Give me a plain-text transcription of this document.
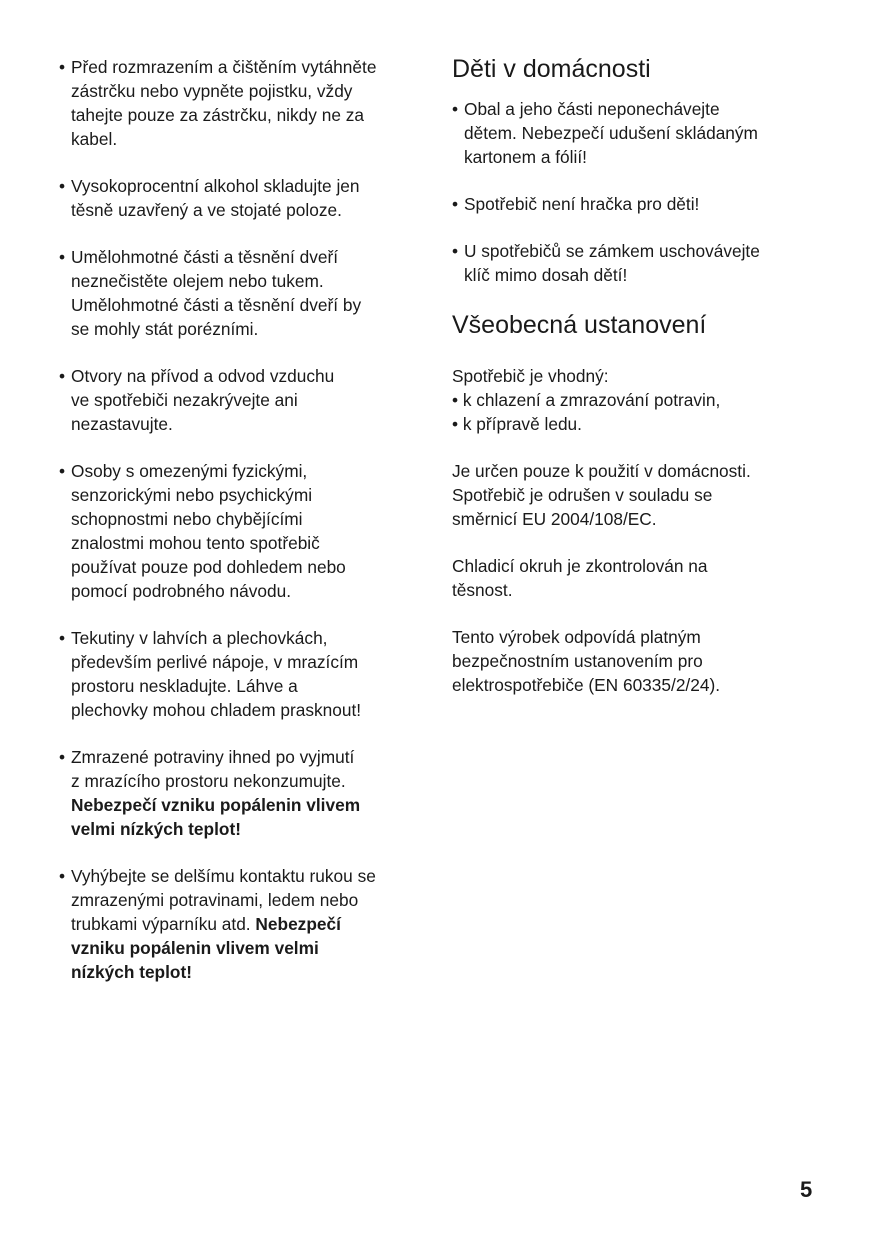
• Před rozmrazením a čištěním vytáhněte
zástrčku nebo vypněte pojistku, vždy
tahejte pouze za zástrčku, nikdy ne za
kabel.
• Vysokoprocentní alkohol skladujte jen
těsně uzavřený a ve stojaté poloze.
• Umělohmotné části a těsnění dveří
neznečistěte olejem nebo tukem.
Umělohmotné části a těsnění dveří by
se mohly stát porézními.
• Otvory na přívod a odvod vzduchu
ve spotřebiči nezakrývejte ani
nezastavujte.
• Osoby s omezenými fyzickými,
senzorickými nebo psychickými
schopnostmi nebo chybějícími
znalostmi mohou tento spotřebič
používat pouze pod dohledem nebo
pomocí podrobného návodu.
• Tekutiny v lahvích a plechovkách,
především perlivé nápoje, v mrazícím
prostoru neskladujte. Láhve a
plechovky mohou chladem prasknout!
• Zmrazené potraviny ihned po vyjmutí
z mrazícího prostoru nekonzumujte.
Nebezpečí vzniku popálenin vlivem
velmi nízkých teplot!
• Vyhýbejte se delšímu kontaktu rukou se
zmrazenými potravinami, ledem nebo
trubkami výparníku atd. Nebezpečí
vzniku popálenin vlivem velmi
nízkých teplot!
Děti v domácnosti
• Obal a jeho části neponechávejte
dětem. Nebezpečí udušení skládaným
kartonem a fólií!
• Spotřebič není hračka pro děti!
• U spotřebičů se zámkem uschovávejte
klíč mimo dosah dětí!
Všeobecná ustanovení
Spotřebič je vhodný:
• k chlazení a zmrazování potravin,
• k přípravě ledu.
Je určen pouze k použití v domácnosti.
Spotřebič je odrušen v souladu se
směrnicí EU 2004/108/EC.
Chladicí okruh je zkontrolován na
těsnost.
Tento výrobek odpovídá platným
bezpečnostním ustanovením pro
elektrospotřebiče (EN 60335/2/24).
5
